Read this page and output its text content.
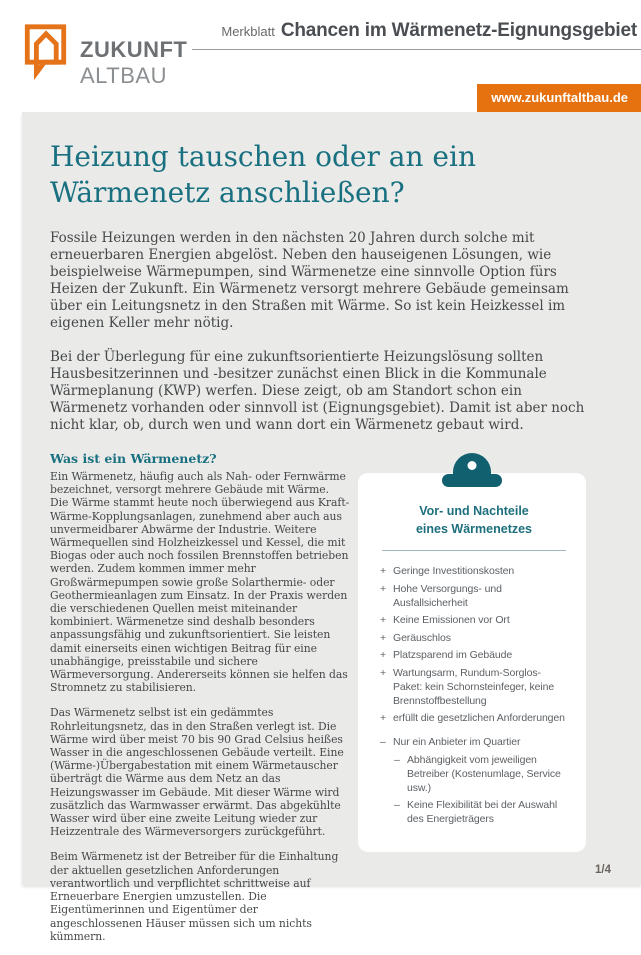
ZUKUNFT
ALTBAU
Merkblatt Chancen im Wärmenetz-Eignungsgebiet
www.zukunftaltbau.de
Heizung tauschen oder an ein Wärmenetz anschließen?

Fossile Heizungen werden in den nächsten 20 Jahren durch solche mit erneuerbaren Energien abgelöst. Neben den hauseigenen Lösungen, wie beispielweise Wärmepumpen, sind Wärmenetze eine sinnvolle Option fürs Heizen der Zukunft. Ein Wärmenetz versorgt mehrere Gebäude gemeinsam über ein Leitungsnetz in den Straßen mit Wärme. So ist kein Heizkessel im eigenen Keller mehr nötig.

Bei der Überlegung für eine zukunftsorientierte Heizungslösung sollten Hausbesitzerinnen und -besitzer zunächst einen Blick in die Kommunale Wärmeplanung (KWP) werfen. Diese zeigt, ob am Standort schon ein Wärmenetz vorhanden oder sinnvoll ist (Eignungsgebiet). Damit ist aber noch nicht klar, ob, durch wen und wann dort ein Wärmenetz gebaut wird.

Was ist ein Wärmenetz?

Ein Wärmenetz, häufig auch als Nah- oder Fernwärme bezeichnet, versorgt mehrere Gebäude mit Wärme. Die Wärme stammt heute noch überwiegend aus Kraft-Wärme-Kopplungsanlagen, zunehmend aber auch aus unvermeidbarer Abwärme der Industrie. Weitere Wärmequellen sind Holzheizkessel und Kessel, die mit Biogas oder auch noch fossilen Brennstoffen betrieben werden. Zudem kommen immer mehr Großwärmepumpen sowie große Solarthermie- oder Geothermieanlagen zum Einsatz. In der Praxis werden die verschiedenen Quellen meist miteinander kombiniert. Wärmenetze sind deshalb besonders anpassungsfähig und zukunftsorientiert. Sie leisten damit einerseits einen wichtigen Beitrag für eine unabhängige, preisstabile und sichere Wärmeversorgung. Andererseits können sie helfen das Stromnetz zu stabilisieren.

Das Wärmenetz selbst ist ein gedämmtes Rohrleitungsnetz, das in den Straßen verlegt ist. Die Wärme wird über meist 70 bis 90 Grad Celsius heißes Wasser in die angeschlossenen Gebäude verteilt. Eine (Wärme-)Übergabestation mit einem Wärmetauscher überträgt die Wärme aus dem Netz an das Heizungswasser im Gebäude. Mit dieser Wärme wird zusätzlich das Warmwasser erwärmt. Das abgekühlte Wasser wird über eine zweite Leitung wieder zur Heizzentrale des Wärmeversorgers zurückgeführt.

Beim Wärmenetz ist der Betreiber für die Einhaltung der aktuellen gesetzlichen Anforderungen verantwortlich und verpflichtet schrittweise auf Erneuerbare Energien umzustellen. Die Eigentümerinnen und Eigentümer der angeschlossenen Häuser müssen sich um nichts kümmern.

Vor- und Nachteile
eines Wärmenetzes
+ Geringe Investitionskosten
+ Hohe Versorgungs- und Ausfallsicherheit
+ Keine Emissionen vor Ort
+ Geräuschlos
+ Platzsparend im Gebäude
+ Wartungsarm, Rundum-Sorglos-Paket: kein Schornsteinfeger, keine Brennstoffbestellung
+ erfüllt die gesetzlichen Anforderungen
– Nur ein Anbieter im Quartier
– Abhängigkeit vom jeweiligen Betreiber (Kostenumlage, Service usw.)
– Keine Flexibilität bei der Auswahl des Energieträgers
1/4
